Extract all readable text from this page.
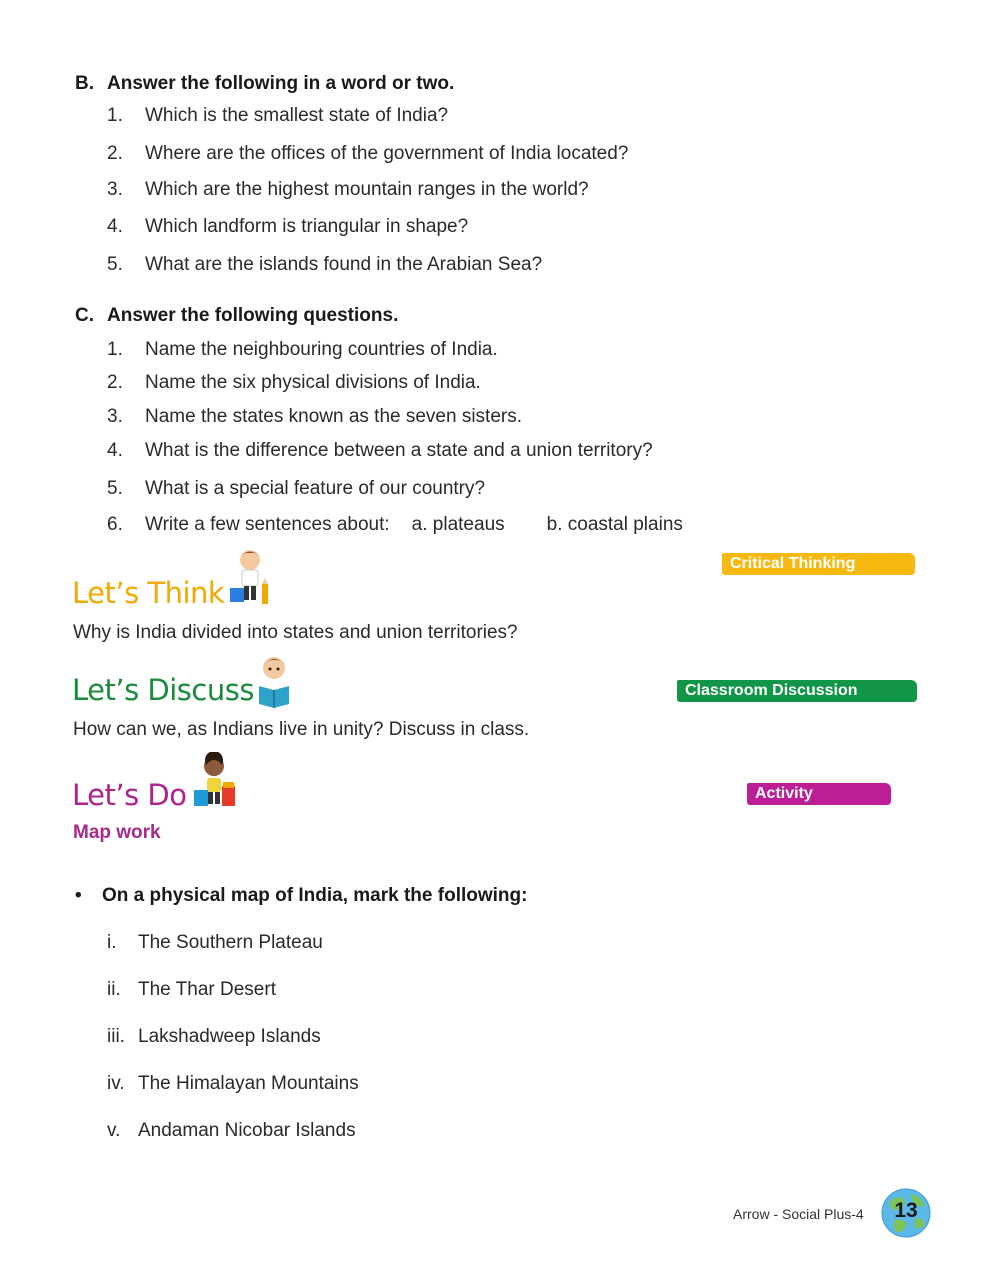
B. Answer the following in a word or two.
1. Which is the smallest state of India?
2. Where are the offices of the government of India located?
3. Which are the highest mountain ranges in the world?
4. Which landform is triangular in shape?
5. What are the islands found in the Arabian Sea?
C. Answer the following questions.
1. Name the neighbouring countries of India.
2. Name the six physical divisions of India.
3. Name the states known as the seven sisters.
4. What is the difference between a state and a union territory?
5. What is a special feature of our country?
6. Write a few sentences about: a. plateaus b. coastal plains
Critical Thinking
Let’s Think
Why is India divided into states and union territories?
Classroom Discussion
Let’s Discuss
How can we, as Indians live in unity? Discuss in class.
Activity
Let’s Do
Map work
• On a physical map of India, mark the following:
i. The Southern Plateau
ii. The Thar Desert
iii. Lakshadweep Islands
iv. The Himalayan Mountains
v. Andaman Nicobar Islands
Arrow - Social Plus-4	13
